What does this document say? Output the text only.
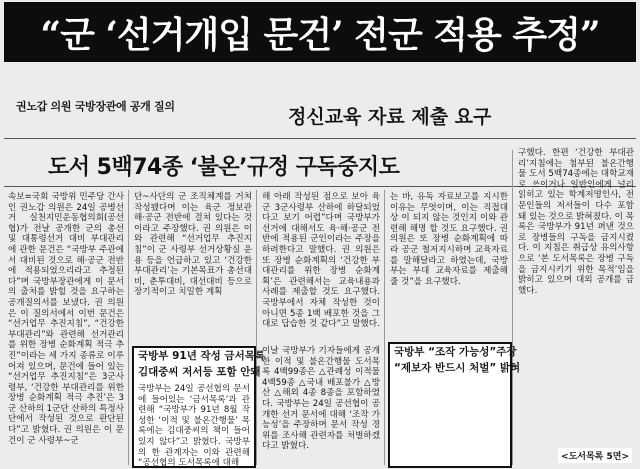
“군 ‘선거개입 문건’ 전군 적용 추정”
권노갑 의원 국방장관에 공개 질의	정신교육 자료 제출 요구
도서 5백74종 ‘불온’규정 구독중지도

속보=국회 국방위 민주당 간사인 권노갑 의원은 24일 공병선거 실천지민운동협의회(공선협)가 전날 공개한 군의 총선 및 대통령선거 대비 부대관리에 관한 문건은 “국방부 주관에서 대비된 것으로 해·공군 전반에 적용되었으리라고 추정된다”며 국방부장관에게 이 문서의 출처를 밝힐 것을 요구하는 공개질의서를 보냈다. 권 의원은 이 질의서에서 이번 문건은 “선거업무 추진지침”, “건강한 부대관리”와 관련해 선거관리를 위한 장병 순화계획 적극 추진”이라는 세 가지 종류로 이루어져 있으며, 문건에 들어 있는 “선거업무 추진지침”은 3군사령부, ‘건강한 부대관리를 위한 장병 순화계획 적극 추진’은 3군 산하의 1군단 산하의 특정사단에서 작성된 것으로 판단된다”고 밝혔다. 권 의원은 이 문건이 군 사령부~군

단~사단의 군 조직체계를 거쳐 작성됐다며 이는 육군 정보관 해·공군 전반에 걸쳐 있다는 것이라고 주장했다. 권 의원은 이와 관련해 “선거업무 추진지침”이 군 사령부 선거상황실 운용 등을 언급하고 있고 ‘건강한 부대관리’는 기본목표가 총선대비, 춘투대비, 대선대비 등으로 장기적이고 치밀한 계획

해 아래 작성된 점으로 보아 육군 3군사령부 산하에 하달되었다고 보기 어렵”다며 국방부가 선거에 대해서도 육·해·공군 전반에 적용된 군인이라는 주장을 하려한다고 말했다. 권 의원은 또 장병 순화계획의 ‘건강한 부대관리를 위한 장병 순화계획’은 관련해서는 교육내용과 사례를 제출할 것도 요구했다. 국방부에서 자체 작성한 것이 아니면 5종 1백 배포한 것을 그대로 답습한 것 같다”고 말했다.

는 바, 유독 자료보고를 지시한 이유는 무엇이며, 이는 직접대상 이 되지 않는 것인지 이와 관련해 해명 할 것도 요구했다. 권 의원은 또 장병 순화계획에 따라 공군 철저지시하며 교육자료를 말해달라고 하였는데, 국방부는 부대 교육자료를 제출해 줄 것”을 요구했다.

구했다. 한편 ‘건강한 부대관리’지침에는 첨부된 불온간행물 도서 5백74종에는 대학교재로 쓰이거나 일반인에게 널리 읽히고 있는 학계저명인사, 전문인들의 저서들이 다수 포함돼 있는 것으로 밝혀졌다. 이 목록은 국방부가 91년 펴낸 것으로 장병들의 구독을 금지시켰다. 이 지침은 취급상 유의사항으로 ‘본 도서목록은 장병 구독을 금지시키기 위한 목적’임을 밝히고 있으며 대외 공개를 금했다.

국방부 91년 작성 금서목록
김대중씨 저서등 포함 안돼

국방부는 24일 공선협의 문서에 들어있는 ‘금서목록’과 관련해 “국방부가 91년 8월 작성한 ‘이적 및 불온간행물’ 목록에는 김대중씨의 책이 들어 있지 않다”고 밝혔다. 국방부의 한 관계자는 이와 관련해 “공선협의 도서목록에 대해

국방부 “조작 가능성”주장
“제보자 반드시 처벌” 밝혀

이날 국방부가 기자들에게 공개한 이적 및 불온간행물 도서목록 4백99종은 △관례성 이적물 4백59종 △국내 배포불가 △방산 △해외 4종 8종을 포함하였다. 국방부는 24일 공선협이 공개한 선거 문서에 대해 ‘조작 가능성’을 주장하며 문서 작성 경위를 조사해 관련자를 처벌하겠다고 밝혔다.

<도서목록 5면>
